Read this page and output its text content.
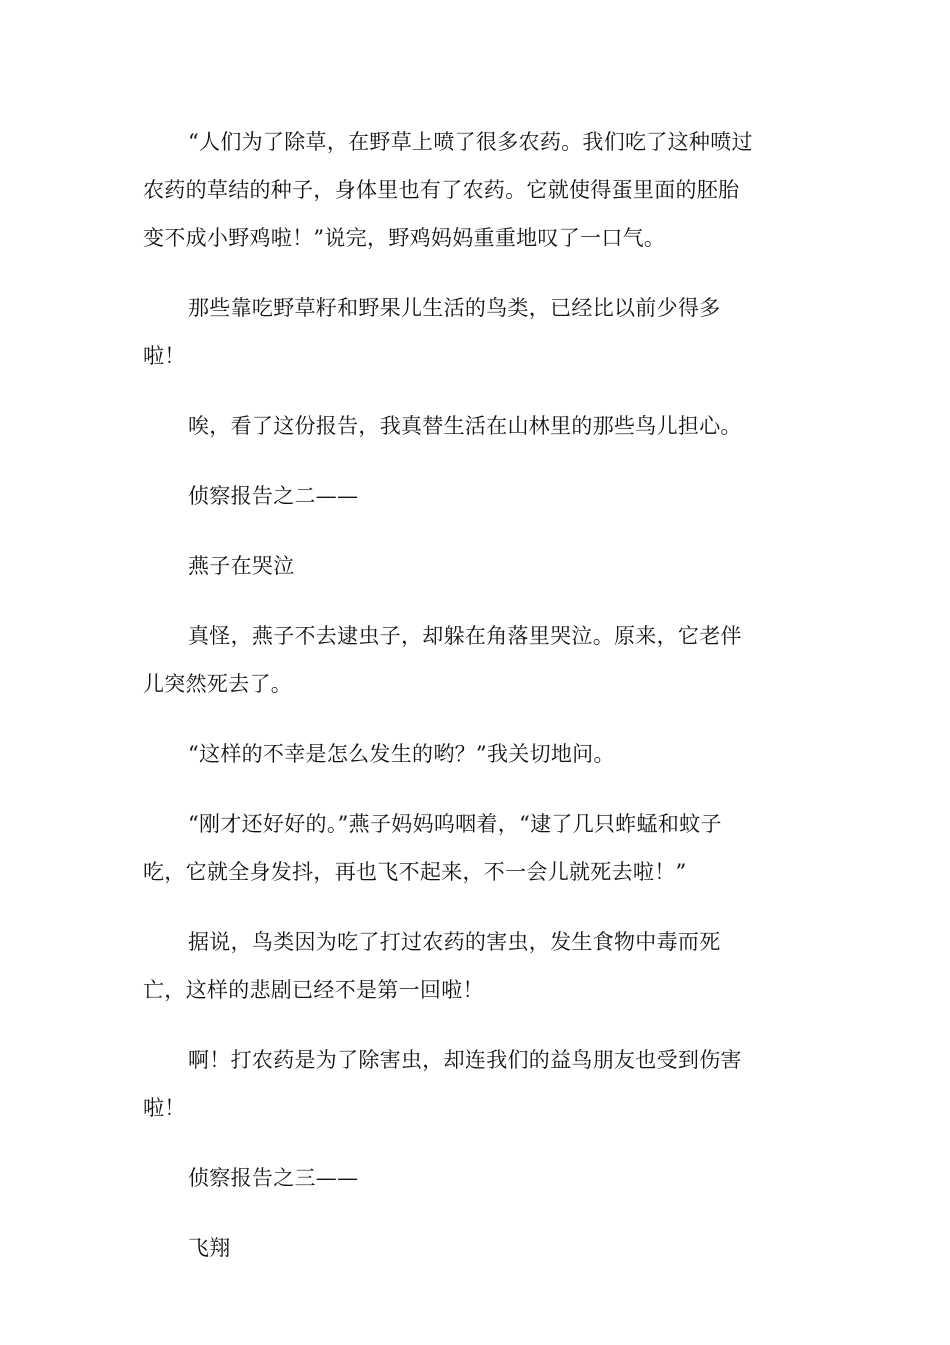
“人们为了除草，在野草上喷了很多农药。我们吃了这种喷过农药的草结的种子，身体里也有了农药。它就使得蛋里面的胚胎变不成小野鸡啦！”说完，野鸡妈妈重重地叹了一口气。

那些靠吃野草籽和野果儿生活的鸟类，已经比以前少得多啦！

唉，看了这份报告，我真替生活在山林里的那些鸟儿担心。

侦察报告之二——

燕子在哭泣

真怪，燕子不去逮虫子，却躲在角落里哭泣。原来，它老伴儿突然死去了。

“这样的不幸是怎么发生的哟？”我关切地问。

“刚才还好好的。”燕子妈妈呜咽着，“逮了几只蚱蜢和蚊子吃，它就全身发抖，再也飞不起来，不一会儿就死去啦！”

据说，鸟类因为吃了打过农药的害虫，发生食物中毒而死亡，这样的悲剧已经不是第一回啦！

啊！打农药是为了除害虫，却连我们的益鸟朋友也受到伤害啦！

侦察报告之三——

飞翔
